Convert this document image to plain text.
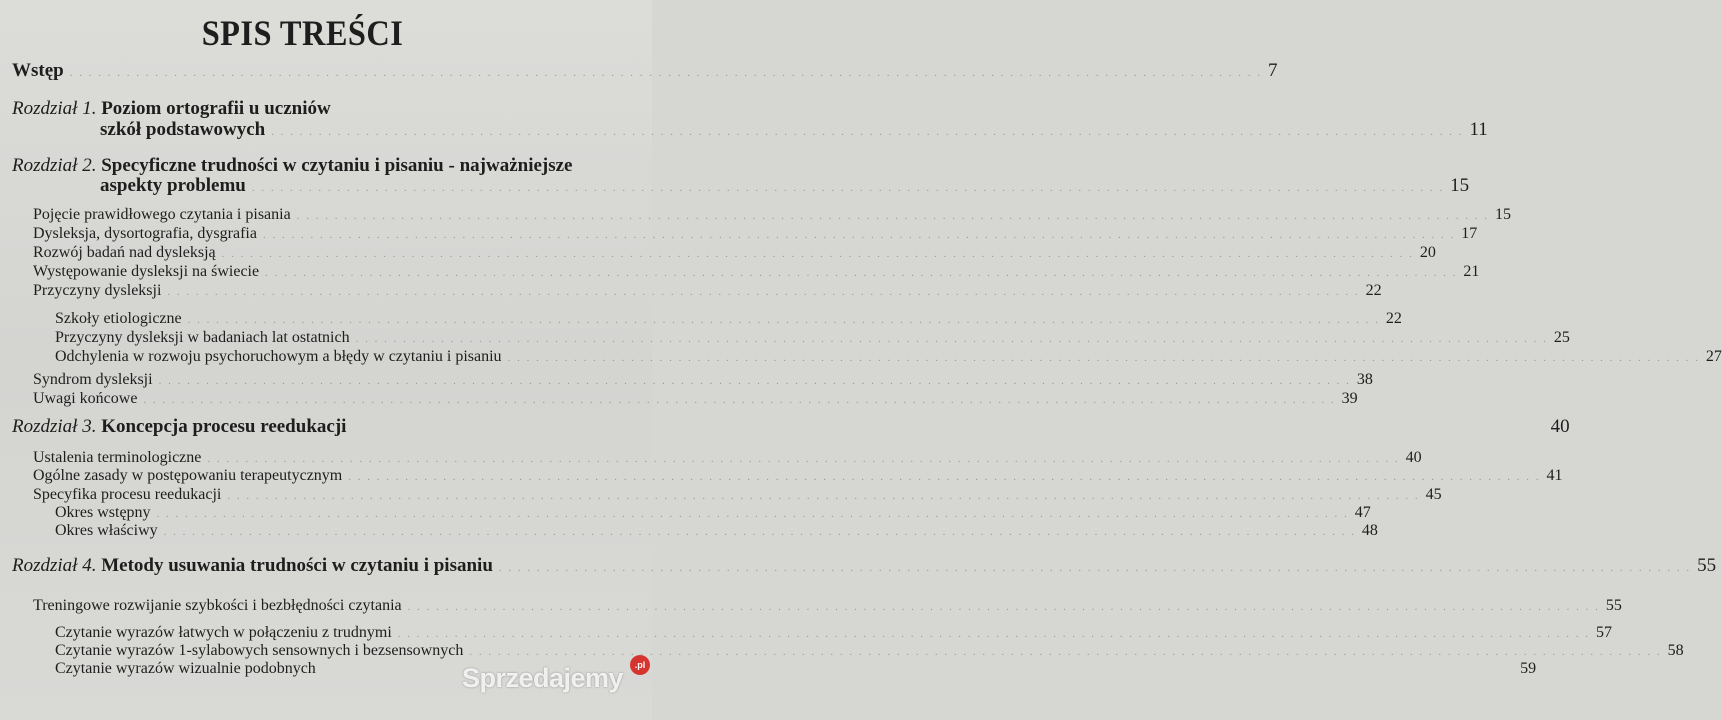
SPIS TREŚCI
Wstęp . . .	7
Rozdział 1. Poziom ortografii u uczniów
szkół podstawowych . . .	11
Rozdział 2. Specyficzne trudności w czytaniu i pisaniu - najważniejsze
aspekty problemu . . .	15
Pojęcie prawidłowego czytania i pisania . . .	15
Dysleksja, dysortografia, dysgrafia . . .	17
Rozwój badań nad dysleksją . . .	20
Występowanie dysleksji na świecie . . .	21
Przyczyny dysleksji . . .	22
Szkoły etiologiczne . . .	22
Przyczyny dysleksji w badaniach lat ostatnich . . .	25
Odchylenia w rozwoju psychoruchowym a błędy w czytaniu i pisaniu . . .	27
Syndrom dysleksji . . .	38
Uwagi końcowe . . .	39
Rozdział 3. Koncepcja procesu reedukacji	40
Ustalenia terminologiczne . . .	40
Ogólne zasady w postępowaniu terapeutycznym . . .	41
Specyfika procesu reedukacji . . .	45
Okres wstępny . . .	47
Okres właściwy . . .	48
Rozdział 4. Metody usuwania trudności w czytaniu i pisaniu . . .	55
Treningowe rozwijanie szybkości i bezbłędności czytania . . .	55
Czytanie wyrazów łatwych w połączeniu z trudnymi . . .	57
Czytanie wyrazów 1-sylabowych sensownych i bezsensownych . . .	58
Czytanie wyrazów wizualnie podobnych	59
Sprzedajemy	.pl
